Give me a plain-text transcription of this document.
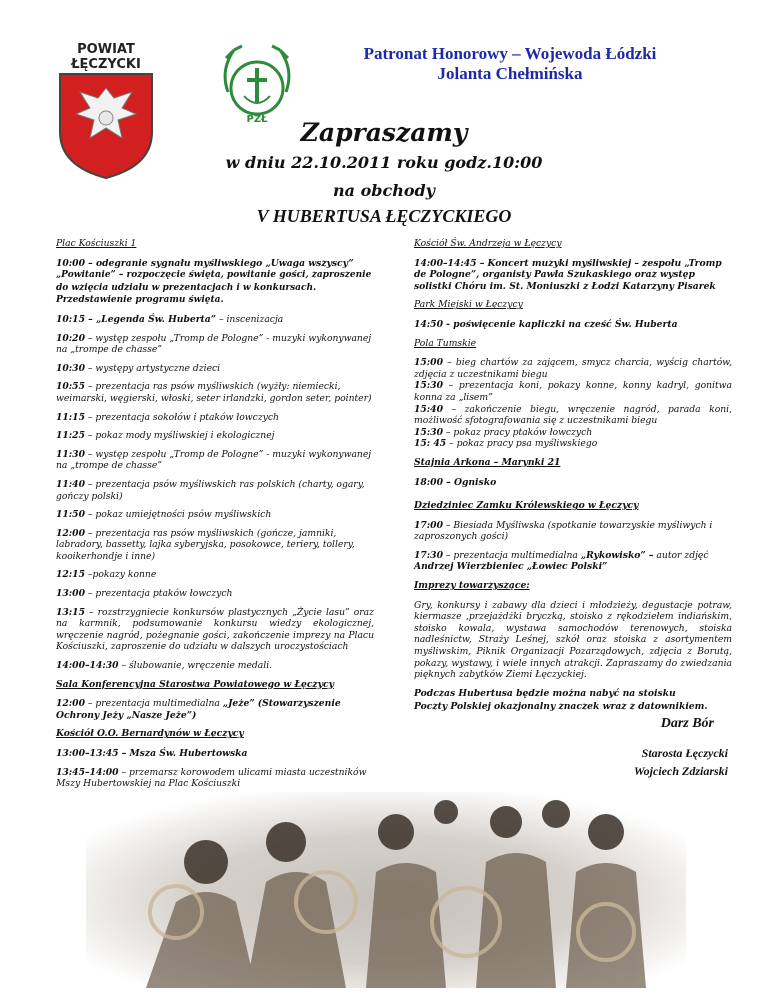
POWIAT
ŁĘCZYCKI
PZŁ
Patronat Honorowy – Wojewoda Łódzki
Jolanta Chełmińska
Zapraszamy
w dniu 22.10.2011 roku godz.10:00
na obchody
V HUBERTUSA ŁĘCZYCKIEGO
Plac Kościuszki 1
10:00 – odegranie sygnału myśliwskiego „Uwaga wszyscy”
„Powitanie” – rozpoczęcie święta, powitanie gości, zaproszenie do wzięcia udziału w prezentacjach i w konkursach. Przedstawienie programu święta.
10:15 – „Legenda Św. Huberta” – inscenizacja
10:20 – występ zespołu „Tromp de Pologne” - muzyki wykonywanej na „trompe de chasse”
10:30 – występy artystyczne dzieci
10:55 – prezentacja ras psów myśliwskich (wyżły: niemiecki, weimarski, węgierski, włoski, seter irlandzki, gordon seter, pointer)
11:15 – prezentacja sokołów i ptaków łowczych
11:25 – pokaz mody myśliwskiej i ekologicznej
11:30 – występ zespołu „Tromp de Pologne” - muzyki wykonywanej na „trompe de chasse”
11:40 – prezentacja psów myśliwskich ras polskich (charty, ogary, gończy polski)
11:50 – pokaz umiejętności psów myśliwskich
12:00 – prezentacja ras psów myśliwskich (gończe, jamniki, labradory, bassetty, lajka syberyjska, posokowce, teriery, tollery, kooikerhondje i inne)
12:15 –pokazy konne
13:00 – prezentacja ptaków łowczych
13:15 – rozstrzygniecie konkursów plastycznych „Życie lasu” oraz na karmnik, podsumowanie konkursu wiedzy ekologicznej, wręczenie nagród, pożegnanie gości, zakończenie imprezy na Placu Kościuszki, zaproszenie do udziału w dalszych uroczystościach
14:00–14:30 – ślubowanie, wręczenie medali.
Sala Konferencyjna Starostwa Powiatowego w Łęczycy
12:00 – prezentacja multimedialna „Jeże” (Stowarzyszenie Ochrony Jeży „Nasze Jeże”)
Kościół O.O. Bernardynów w Łęczycy
13:00–13:45 – Msza Św. Hubertowska
13:45–14:00 – przemarsz korowodem ulicami miasta uczestników Mszy Hubertowskiej na Plac Kościuszki
Kościół Św. Andrzeja w Łęczycy
14:00–14:45 – Koncert muzyki myśliwskiej – zespołu „Tromp de Pologne”, organisty Pawła Szukaskiego oraz występ solistki Chóru im. St. Moniuszki z Łodzi Katarzyny Pisarek
Park Miejski w Łęczycy
14:50 - poświęcenie kapliczki na cześć Św. Huberta
Pola Tumskie
15:00 – bieg chartów za zającem, smycz charcia, wyścig chartów, zdjęcia z uczestnikami biegu
15:30 – prezentacja koni, pokazy konne, konny kadryl, gonitwa konna za „lisem”
15:40 – zakończenie biegu, wręczenie nagród, parada koni, możliwość sfotografowania się z uczestnikami biegu
15:30 – pokaz pracy ptaków łowczych
15: 45 – pokaz pracy psa myśliwskiego
Stajnia Arkona – Marynki 21
18:00 – Ognisko
Dziedziniec Zamku Królewskiego w Łęczycy
17:00 – Biesiada Myśliwska (spotkanie towarzyskie myśliwych i zaproszonych gości)
17:30 – prezentacja multimedialna „Rykowisko” – autor zdjęć Andrzej Wierzbieniec „Łowiec Polski”
Imprezy towarzyszące:
Gry, konkursy i zabawy dla dzieci i młodzieży, degustacje potraw, kiermasze ,przejażdżki bryczką, stoisko z rękodziełem indiańskim, stoisko kowala, wystawa samochodów terenowych, stoiska nadleśnictw, Straży Leśnej, szkół oraz stoiska z asortymentem myśliwskim, Piknik Organizacji Pozarządowych, zdjęcia z Borutą, pokazy, wystawy, i wiele innych atrakcji. Zapraszamy do zwiedzania pięknych zabytków Ziemi Łęczyckiej.
Podczas Hubertusa będzie można nabyć na stoisku
Poczty Polskiej okazjonalny znaczek wraz z datownikiem.
Darz Bór
Starosta Łęczycki
Wojciech Zdziarski
